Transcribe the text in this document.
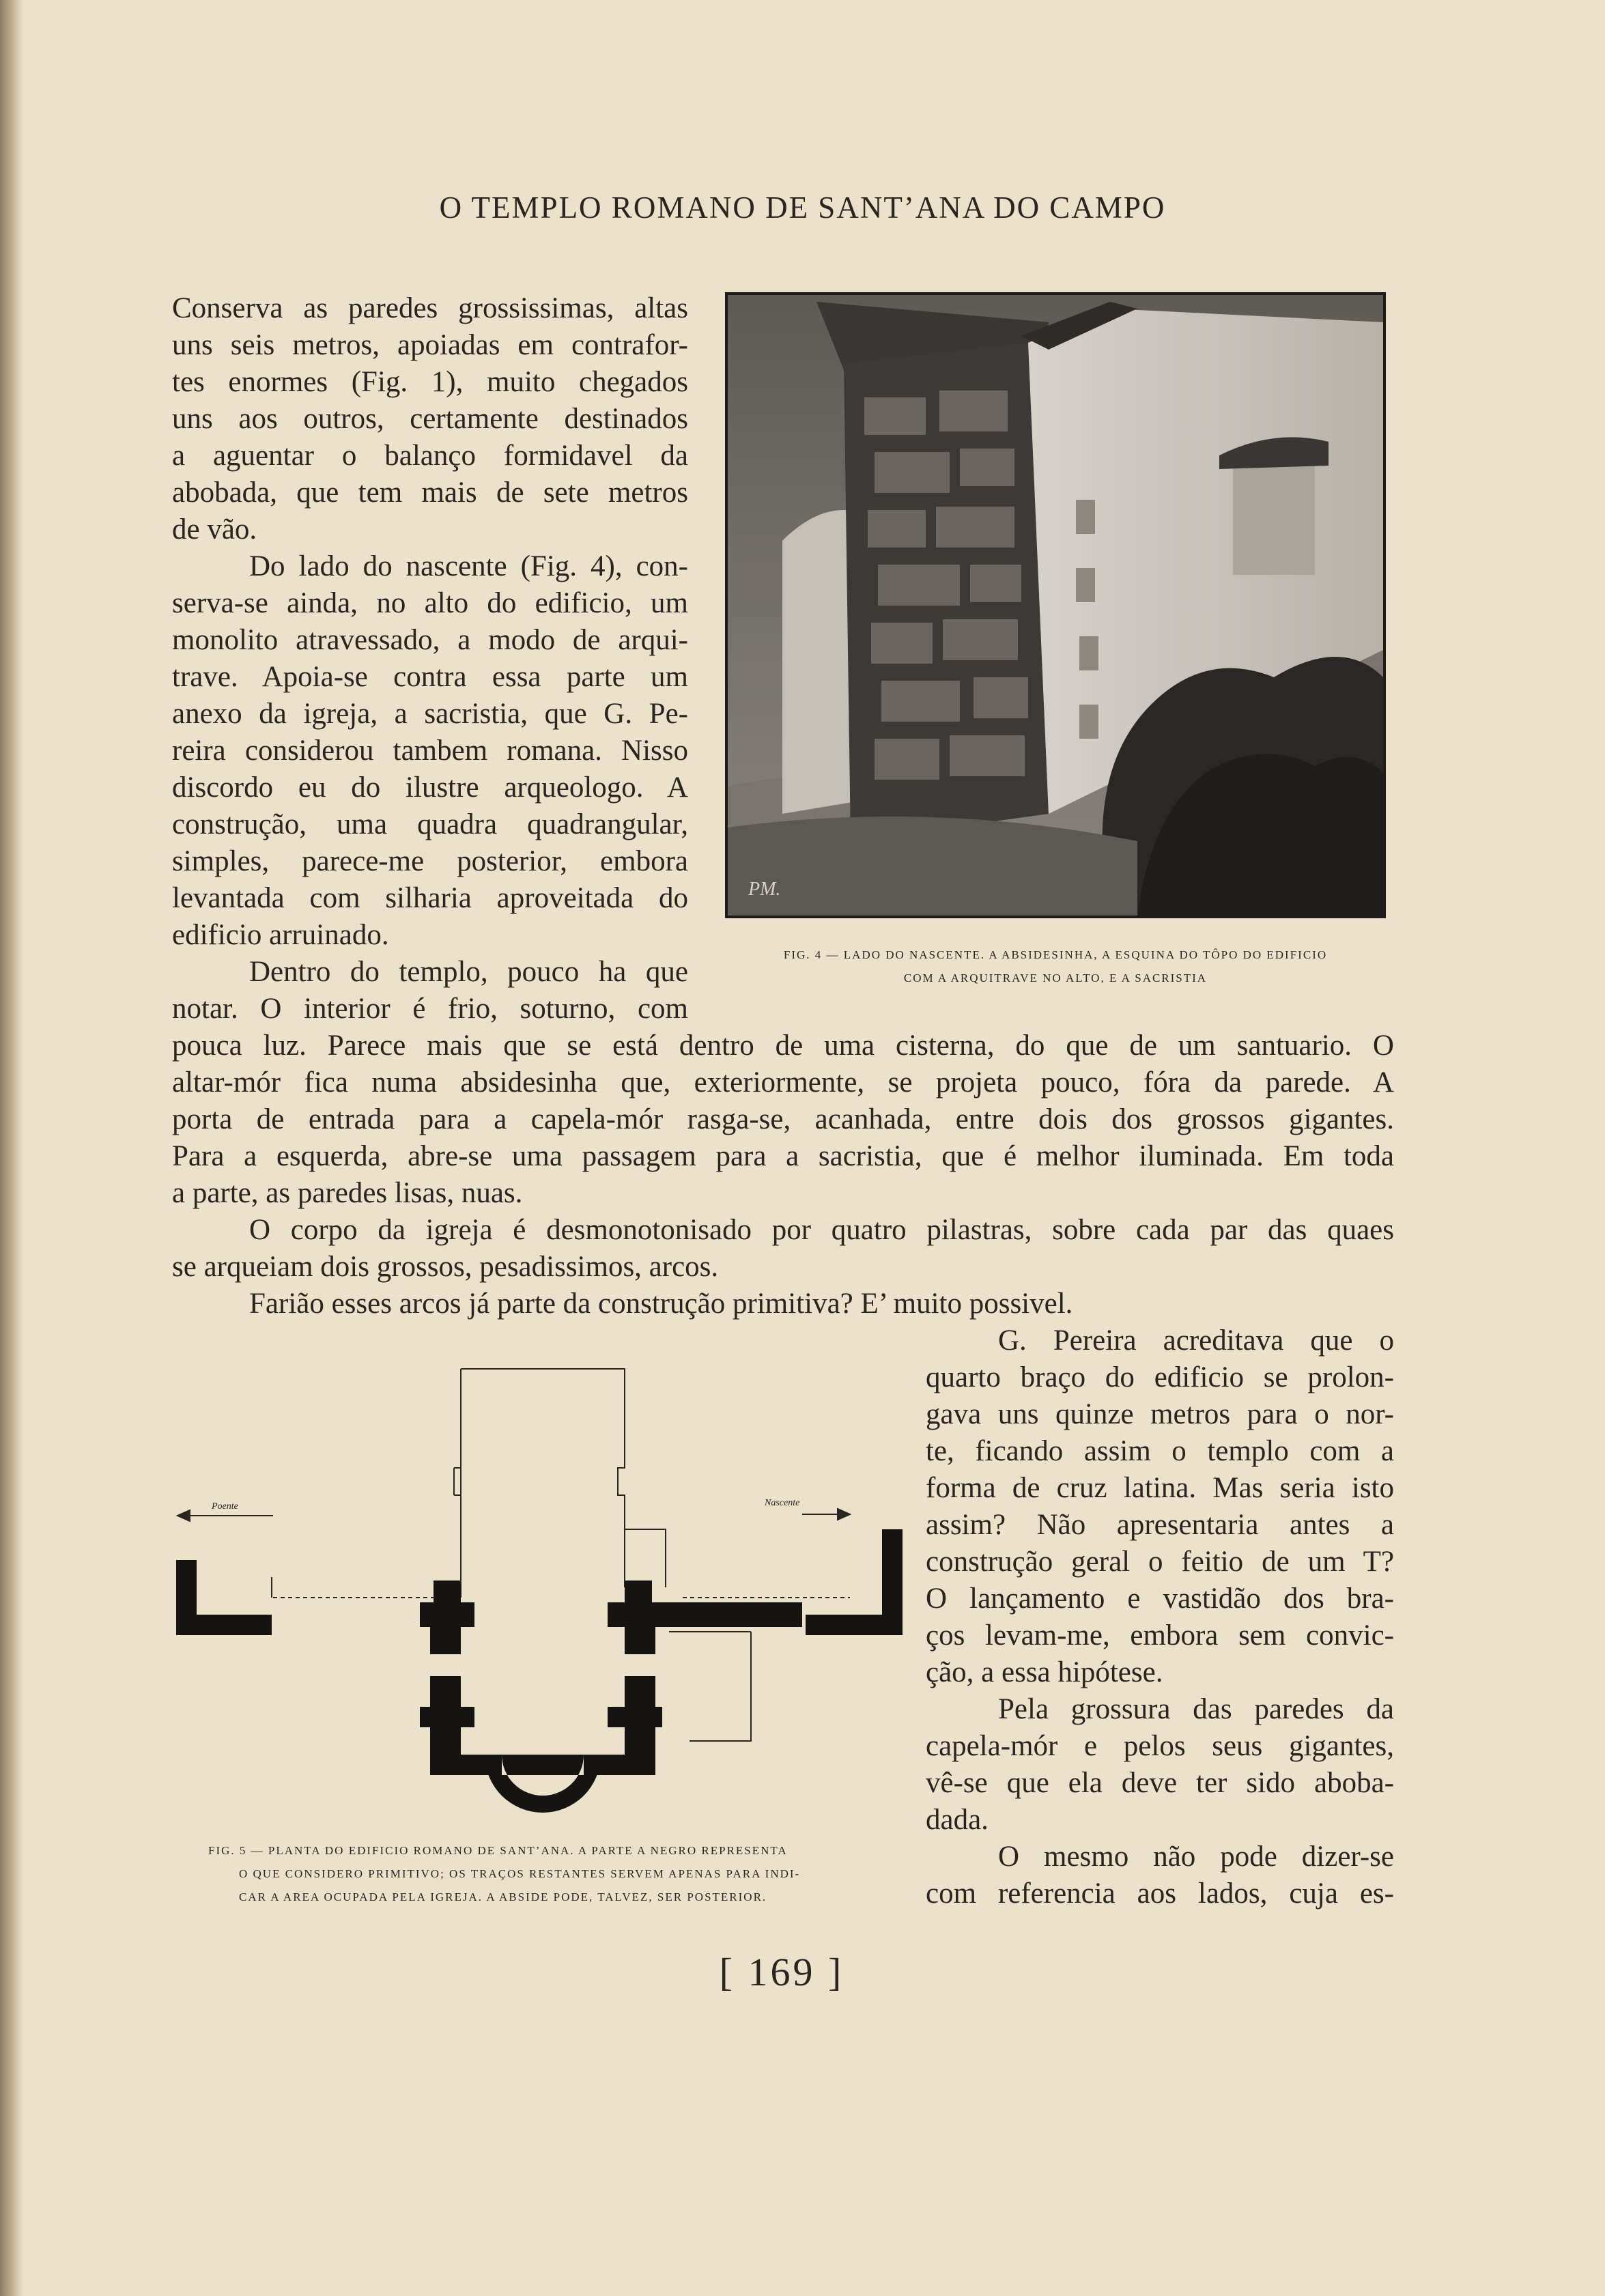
O TEMPLO ROMANO DE SANT’ANA DO CAMPO

Conserva as paredes grossissimas, altas

uns seis metros, apoiadas em contrafor-

tes enormes (Fig. 1), muito chegados

uns aos outros, certamente destinados

a aguentar o balanço formidavel da

abobada, que tem mais de sete metros

de vão.

Do lado do nascente (Fig. 4), con-

serva-se ainda, no alto do edificio, um

monolito atravessado, a modo de arqui-

trave. Apoia-se contra essa parte um

anexo da igreja, a sacristia, que G. Pe-

reira considerou tambem romana. Nisso

discordo eu do ilustre arqueologo. A

construção, uma quadra quadrangular,

simples, parece-me posterior, embora

levantada com silharia aproveitada do

edificio arruinado.

Dentro do templo, pouco ha que

notar. O interior é frio, soturno, com

PM.
FIG. 4 — LADO DO NASCENTE. A ABSIDESINHA, A ESQUINA DO TÔPO DO EDIFICIO
COM A ARQUITRAVE NO ALTO, E A SACRISTIA

pouca luz. Parece mais que se está dentro de uma cisterna, do que de um santuario. O

altar-mór fica numa absidesinha que, exteriormente, se projeta pouco, fóra da parede. A

porta de entrada para a capela-mór rasga-se, acanhada, entre dois dos grossos gigantes.

Para a esquerda, abre-se uma passagem para a sacristia, que é melhor iluminada. Em toda

a parte, as paredes lisas, nuas.

O corpo da igreja é desmonotonisado por quatro pilastras, sobre cada par das quaes

se arqueiam dois grossos, pesadissimos, arcos.

Farião esses arcos já parte da construção primitiva? E’ muito possivel.

G. Pereira acreditava que o

quarto braço do edificio se prolon-

gava uns quinze metros para o nor-

te, ficando assim o templo com a

forma de cruz latina. Mas seria isto

assim? Não apresentaria antes a

construção geral o feitio de um T?

O lançamento e vastidão dos bra-

ços levam-me, embora sem convic-

ção, a essa hipótese.

Pela grossura das paredes da

capela-mór e pelos seus gigantes,

vê-se que ela deve ter sido aboba-

dada.

O mesmo não pode dizer-se

com referencia aos lados, cuja es-

Poente	Nascente
FIG. 5 — PLANTA DO EDIFICIO ROMANO DE SANT’ANA. A PARTE A NEGRO REPRESENTA
O QUE CONSIDERO PRIMITIVO; OS TRAÇOS RESTANTES SERVEM APENAS PARA INDI-
CAR A AREA OCUPADA PELA IGREJA. A ABSIDE PODE, TALVEZ, SER POSTERIOR.
[ 169 ]
